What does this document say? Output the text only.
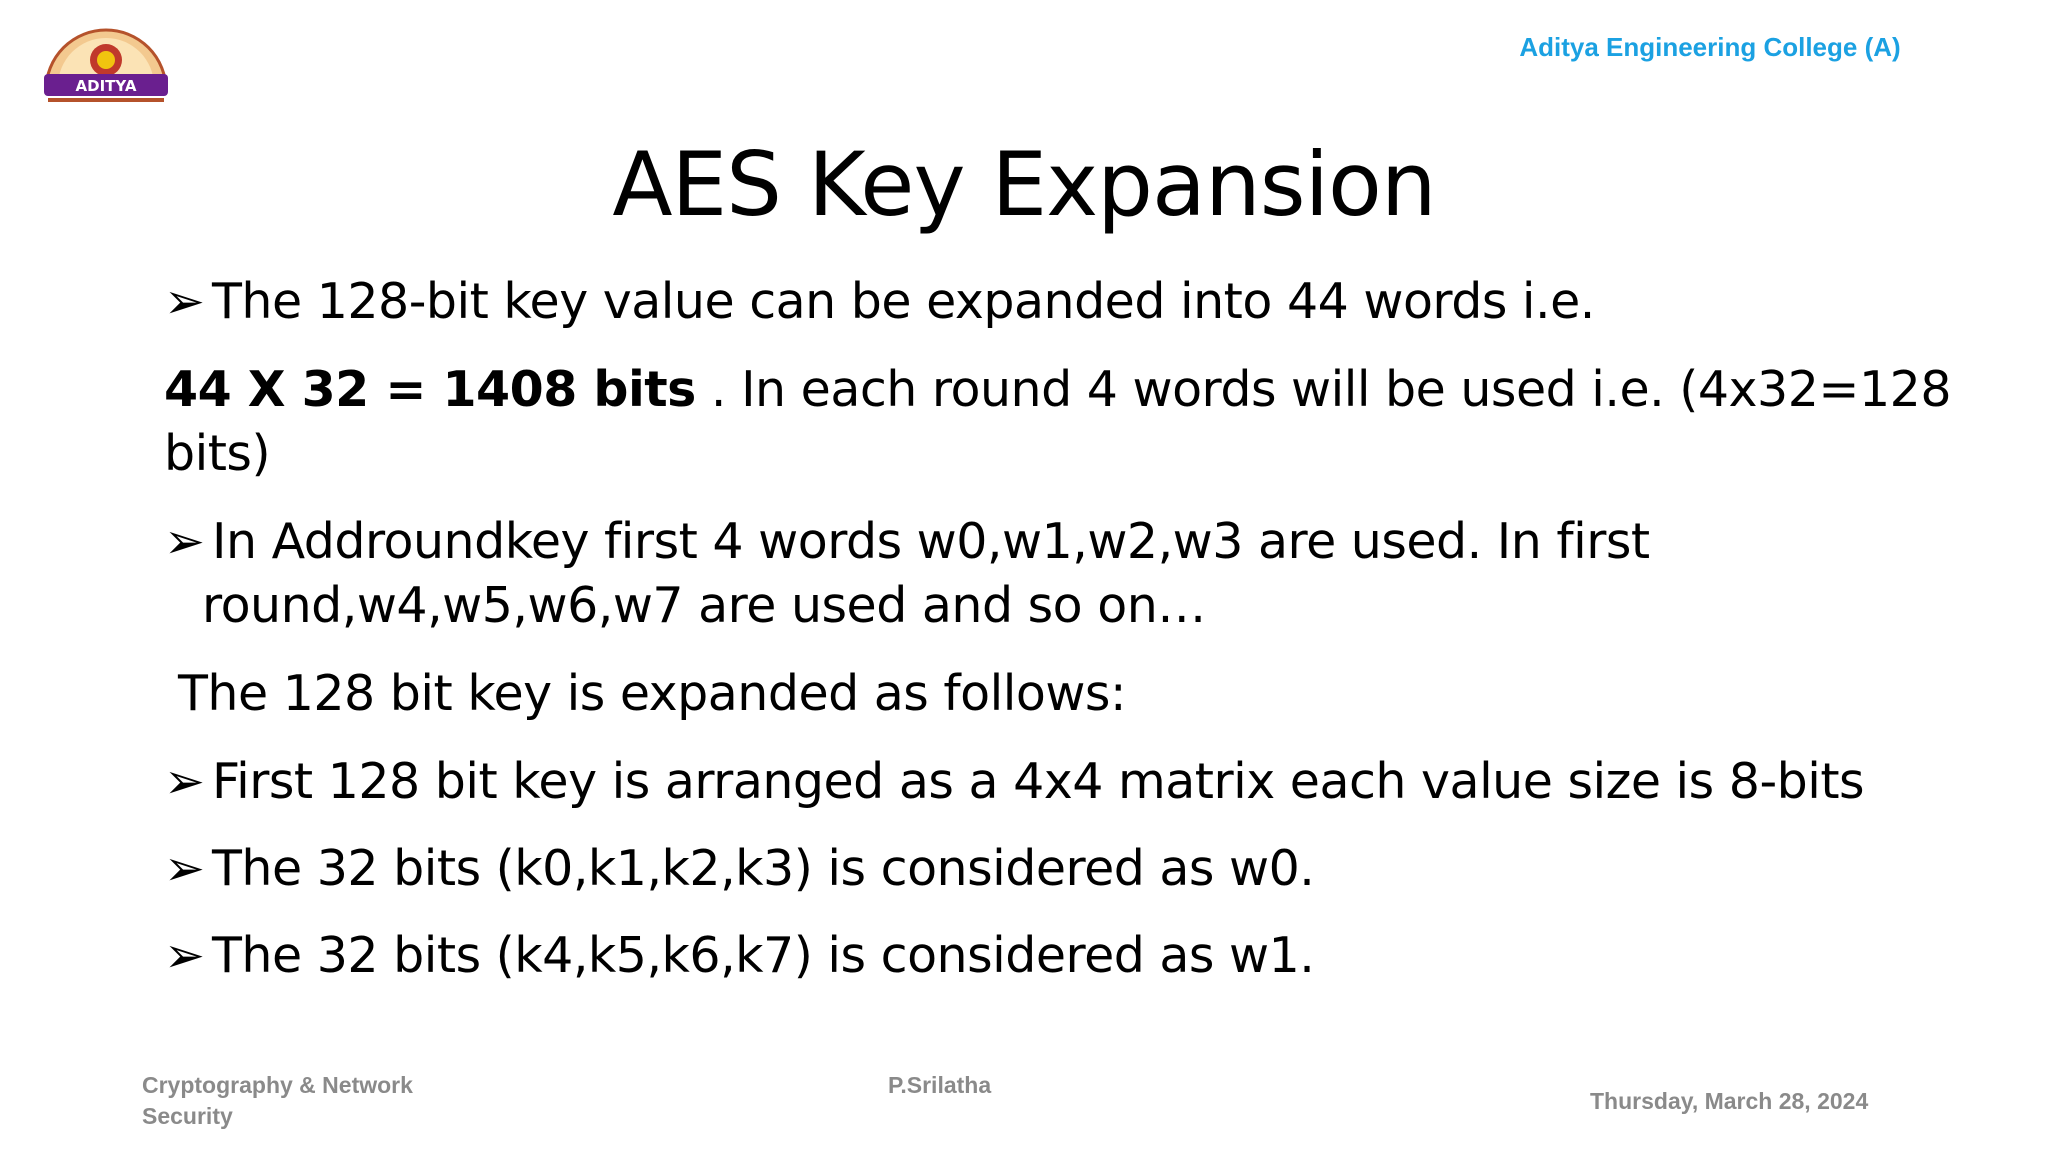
ADITYA
Aditya Engineering College (A)
AES Key Expansion
➢ The 128-bit key value can be expanded into 44 words i.e.
44 X 32 = 1408 bits . In each round 4 words will be used i.e. (4x32=128
bits)
➢ In Addroundkey first 4 words w0,w1,w2,w3 are used. In first
round,w4,w5,w6,w7 are used and so on…
The 128 bit key is expanded as follows:
➢ First 128 bit key is arranged as a 4x4 matrix each value size is 8-bits
➢ The 32 bits (k0,k1,k2,k3) is considered as w0.
➢ The 32 bits (k4,k5,k6,k7) is considered as w1.
Cryptography & Network
Security
P.Srilatha
Thursday, March 28, 2024
